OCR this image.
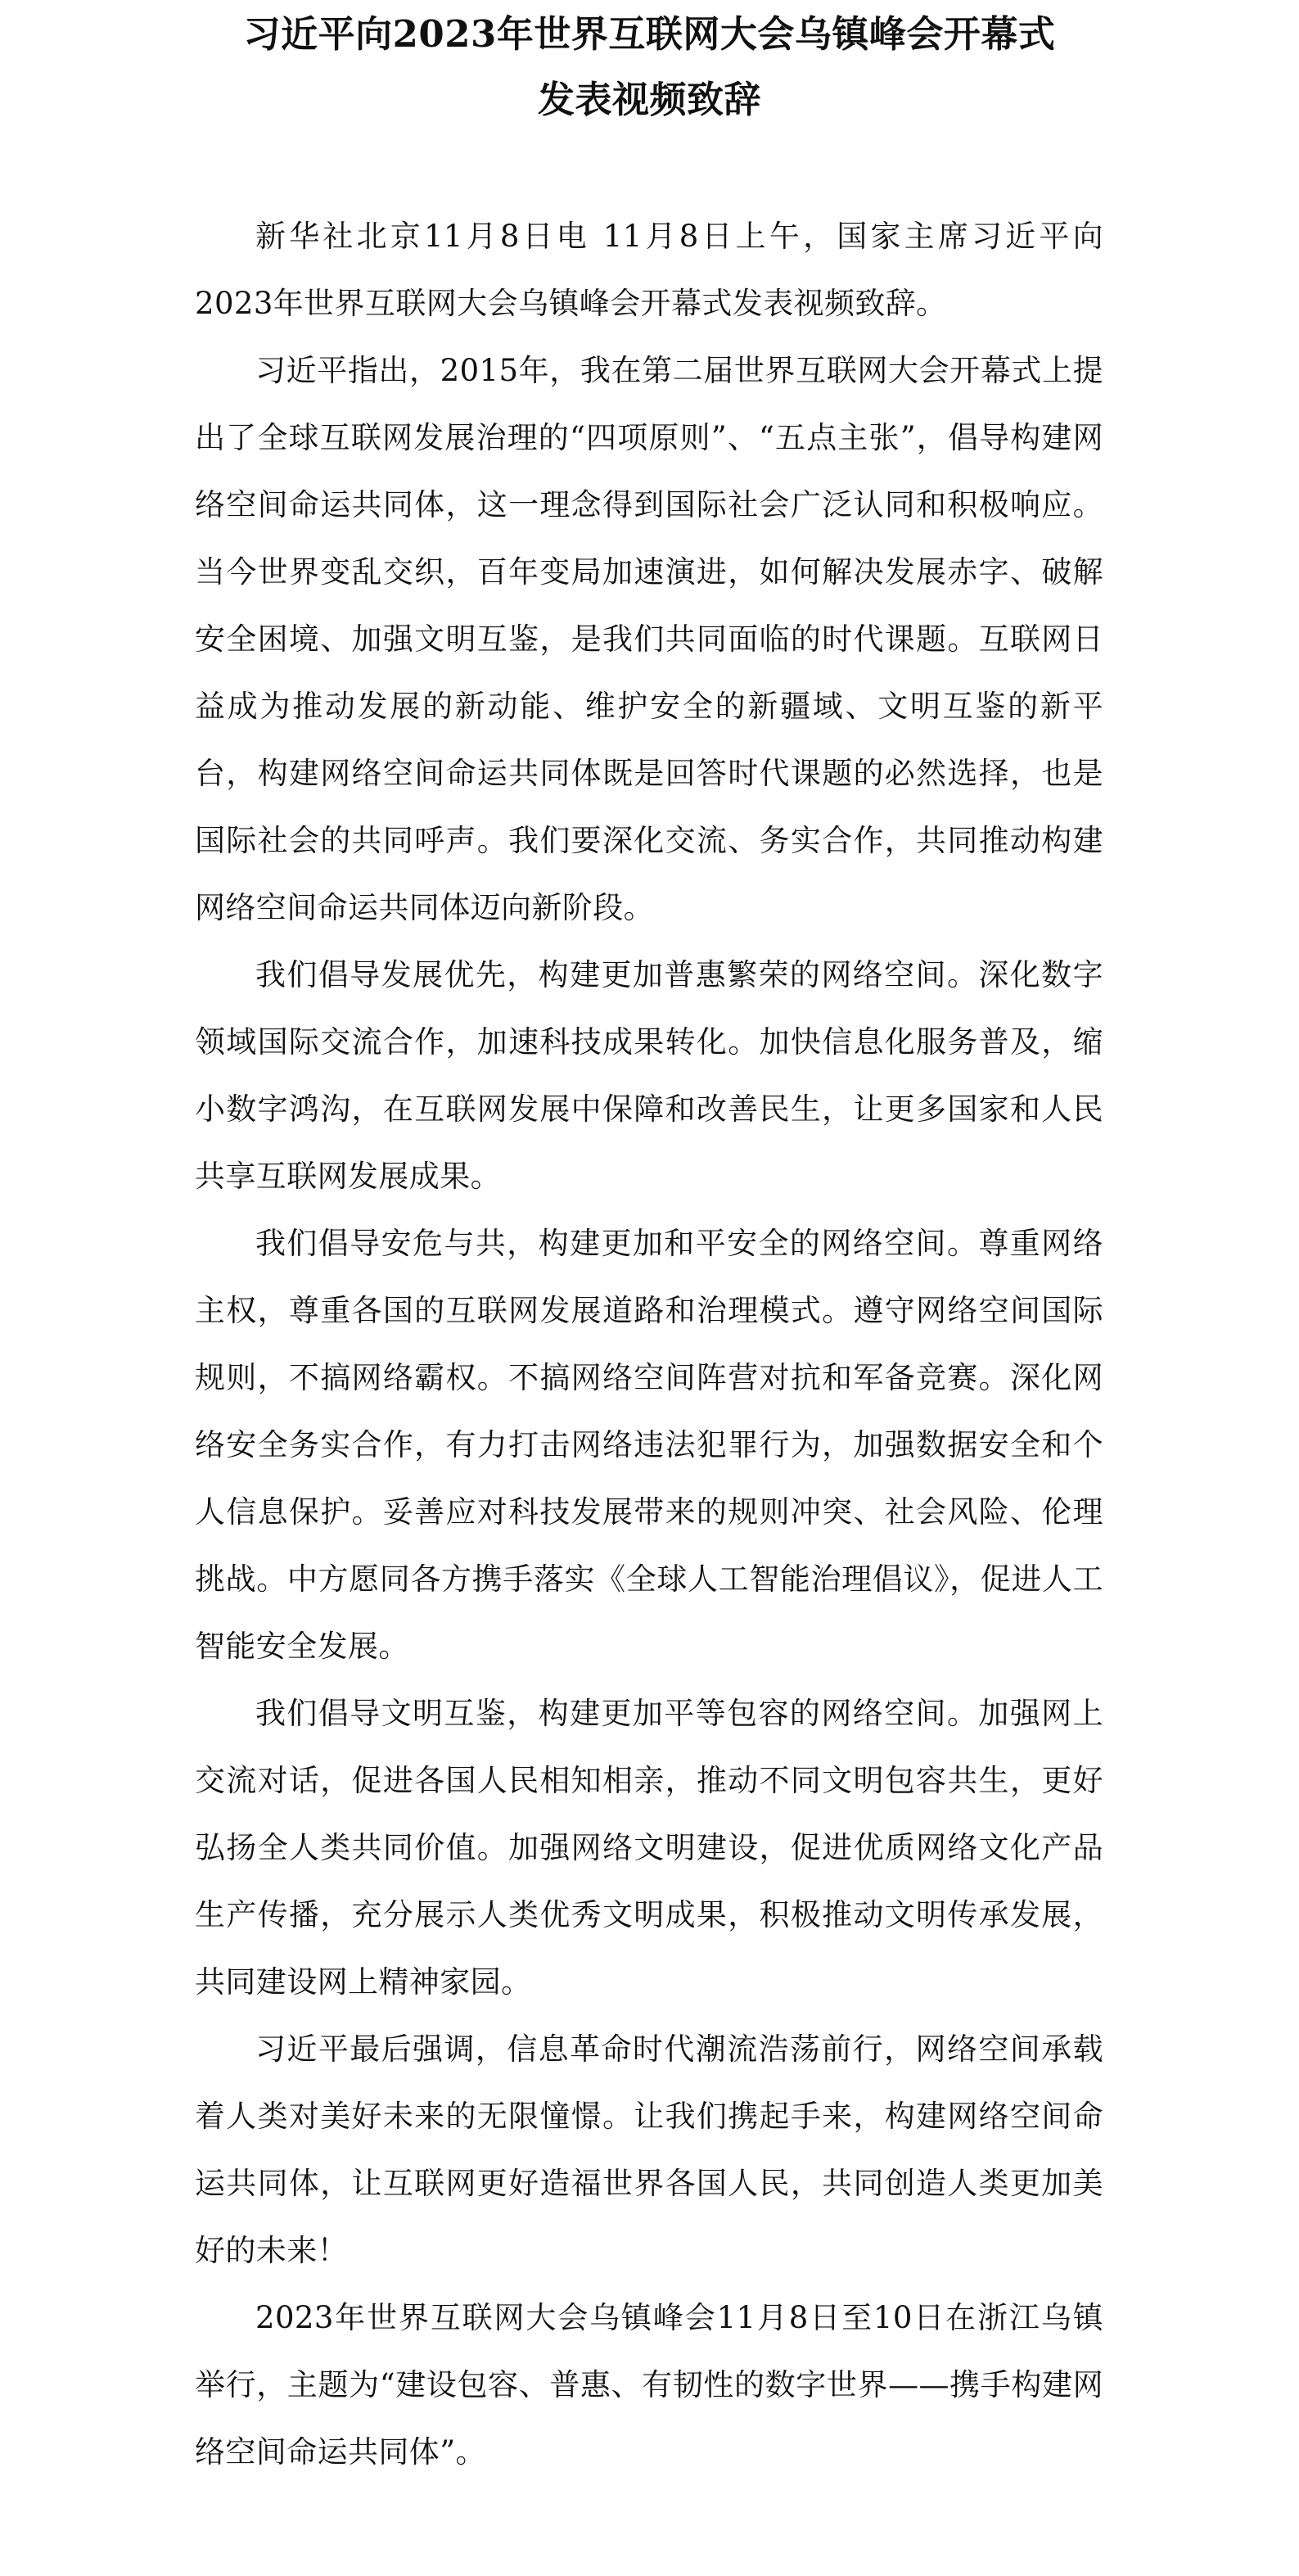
习近平向2023年世界互联网大会乌镇峰会开幕式
发表视频致辞

新华社北京11月8日电 11月8日上午，国家主席习近平向2023年世界互联网大会乌镇峰会开幕式发表视频致辞。

习近平指出，2015年，我在第二届世界互联网大会开幕式上提出了全球互联网发展治理的“四项原则”、“五点主张”，倡导构建网络空间命运共同体，这一理念得到国际社会广泛认同和积极响应。当今世界变乱交织，百年变局加速演进，如何解决发展赤字、破解安全困境、加强文明互鉴，是我们共同面临的时代课题。互联网日益成为推动发展的新动能、维护安全的新疆域、文明互鉴的新平台，构建网络空间命运共同体既是回答时代课题的必然选择，也是国际社会的共同呼声。我们要深化交流、务实合作，共同推动构建网络空间命运共同体迈向新阶段。

我们倡导发展优先，构建更加普惠繁荣的网络空间。深化数字领域国际交流合作，加速科技成果转化。加快信息化服务普及，缩小数字鸿沟，在互联网发展中保障和改善民生，让更多国家和人民共享互联网发展成果。

我们倡导安危与共，构建更加和平安全的网络空间。尊重网络主权，尊重各国的互联网发展道路和治理模式。遵守网络空间国际规则，不搞网络霸权。不搞网络空间阵营对抗和军备竞赛。深化网络安全务实合作，有力打击网络违法犯罪行为，加强数据安全和个人信息保护。妥善应对科技发展带来的规则冲突、社会风险、伦理挑战。中方愿同各方携手落实《全球人工智能治理倡议》，促进人工智能安全发展。

我们倡导文明互鉴，构建更加平等包容的网络空间。加强网上交流对话，促进各国人民相知相亲，推动不同文明包容共生，更好弘扬全人类共同价值。加强网络文明建设，促进优质网络文化产品生产传播，充分展示人类优秀文明成果，积极推动文明传承发展，共同建设网上精神家园。

习近平最后强调，信息革命时代潮流浩荡前行，网络空间承载着人类对美好未来的无限憧憬。让我们携起手来，构建网络空间命运共同体，让互联网更好造福世界各国人民，共同创造人类更加美好的未来！

2023年世界互联网大会乌镇峰会11月8日至10日在浙江乌镇举行，主题为“建设包容、普惠、有韧性的数字世界——携手构建网络空间命运共同体”。
